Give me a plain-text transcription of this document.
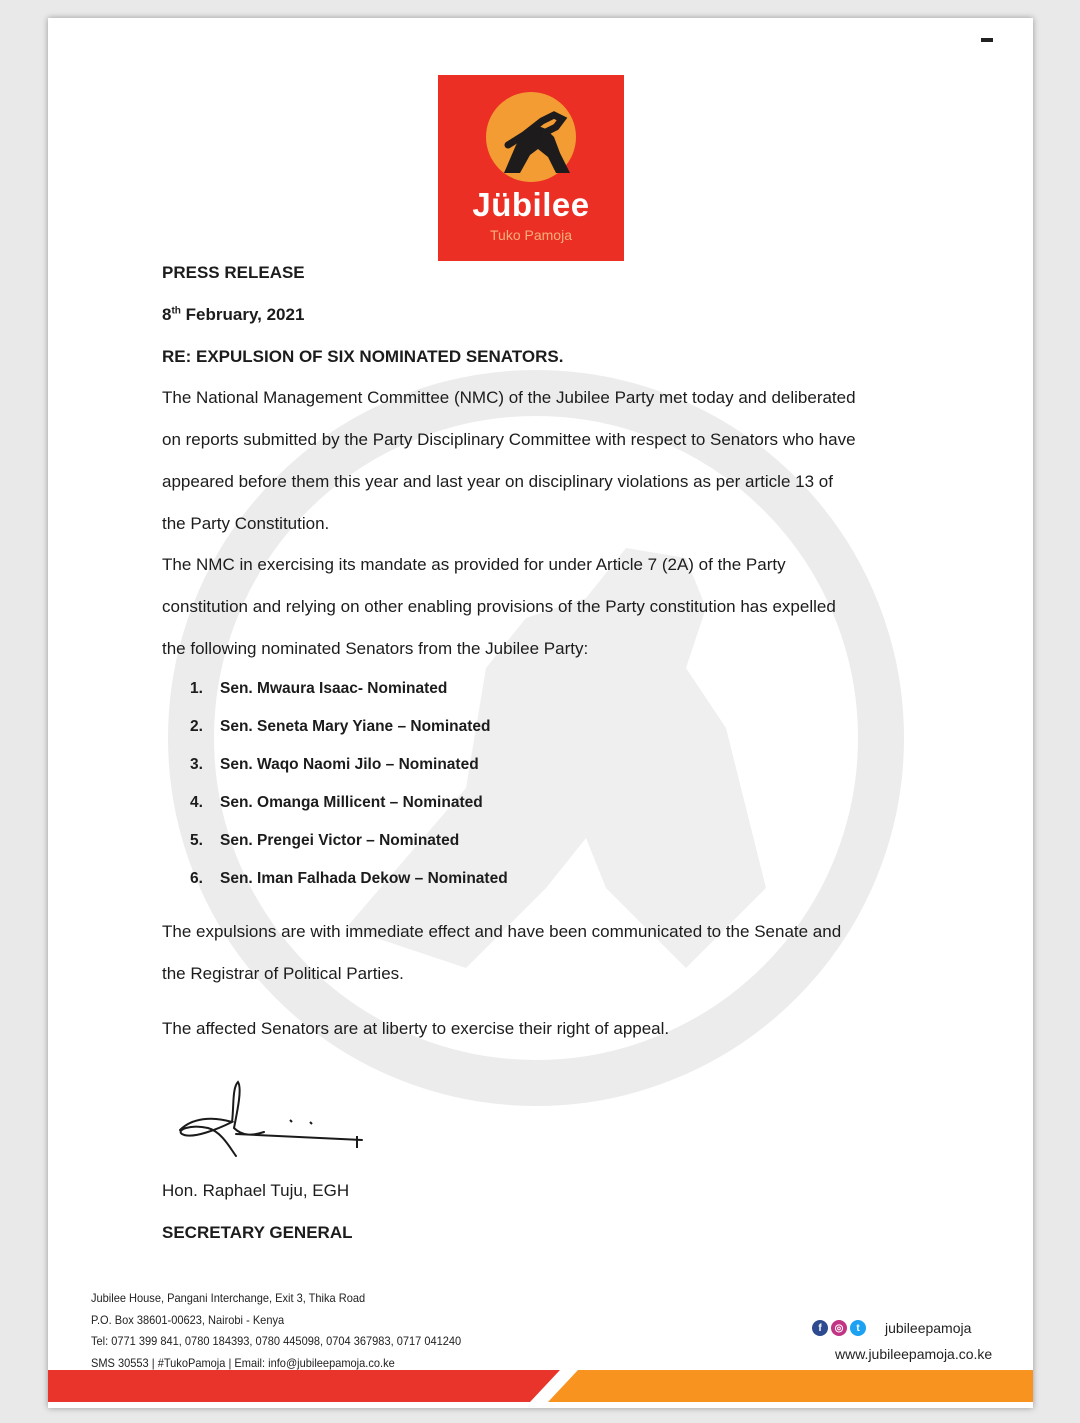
Jübilee
Tuko Pamoja
PRESS RELEASE
8th February, 2021
RE: EXPULSION OF SIX NOMINATED SENATORS.
The National Management Committee (NMC) of the Jubilee Party met today and deliberated
on reports submitted by the Party Disciplinary Committee with respect to Senators who have
appeared before them this year and last year on disciplinary violations as per article 13 of
the Party Constitution.
The NMC in exercising its mandate as provided for under Article 7 (2A) of the Party
constitution and relying on other enabling provisions of the Party constitution has expelled
the following nominated Senators from the Jubilee Party:
1.	Sen. Mwaura Isaac- Nominated
2.	Sen. Seneta Mary Yiane – Nominated
3.	Sen. Waqo Naomi Jilo – Nominated
4.	Sen. Omanga Millicent – Nominated
5.	Sen. Prengei Victor – Nominated
6.	Sen. Iman Falhada Dekow – Nominated
The expulsions are with immediate effect and have been communicated to the Senate and
the Registrar of Political Parties.
The affected Senators are at liberty to exercise their right of appeal.
Hon. Raphael Tuju, EGH
SECRETARY GENERAL
Jubilee House, Pangani Interchange, Exit 3, Thika Road
P.O. Box 38601-00623, Nairobi - Kenya
Tel: 0771 399 841, 0780 184393, 0780 445098, 0704 367983, 0717 041240
SMS 30553 | #TukoPamoja | Email: info@jubileepamoja.co.ke
f	◎	t	jubileepamoja
www.jubileepamoja.co.ke
